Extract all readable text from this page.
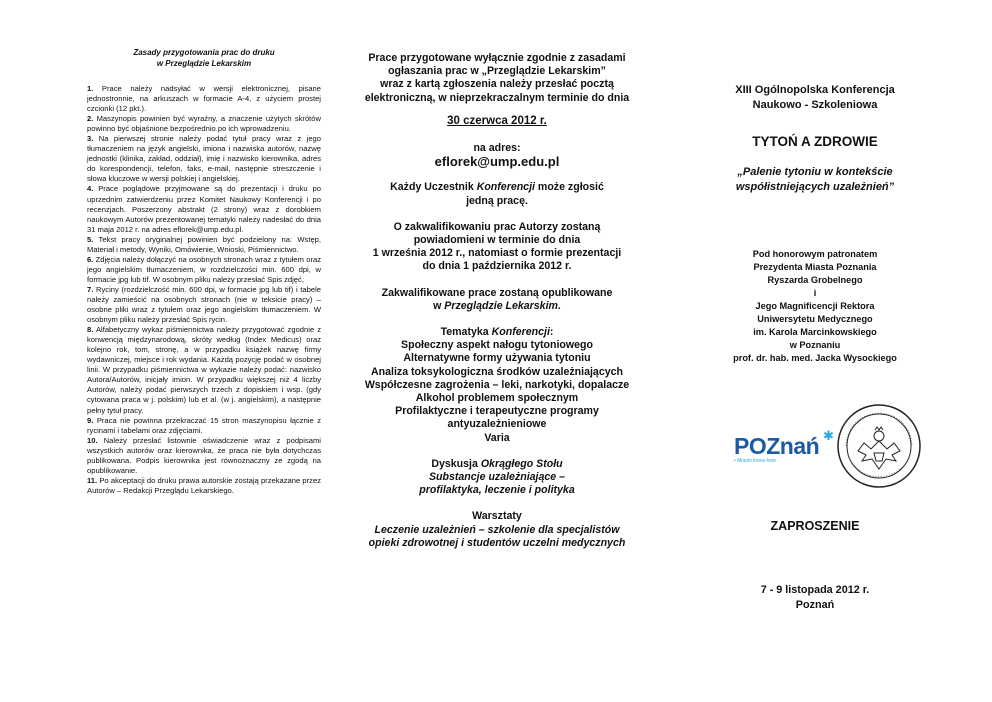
Zasady przygotowania prac do druku
w Przeglądzie Lekarskim

1. Prace należy nadsyłać w wersji elektronicznej, pisane jednostronnie, na arkuszach w formacie A-4, z użyciem prostej czcionki (12 pkt.).

2. Maszynopis powinien być wyraźny, a znaczenie użytych skrótów powinno być objaśnione bezpośrednio po ich wprowadzeniu.

3. Na pierwszej stronie należy podać tytuł pracy wraz z jego tłumaczeniem na język angielski, imiona i nazwiska autorów, nazwę jednostki (klinika, zakład, oddział), imię i nazwisko kierownika, adres do korespondencji, telefon, faks, e-mail, następnie streszczenie i słowa kluczowe w wersji polskiej i angielskiej.

4. Prace poglądowe przyjmowane są do prezentacji i druku po uprzednim zatwierdzeniu przez Komitet Naukowy Konferencji i po recenzjach. Poszerzony abstrakt (2 strony) wraz z dorobkiem naukowym Autorów prezentowanej tematyki należy nadesłać do dnia 31 maja 2012 r. na adres eflorek@ump.edu.pl.

5. Tekst pracy oryginalnej powinien być podzielony na: Wstęp, Materiał i metody, Wyniki, Omówienie, Wnioski, Piśmiennictwo.

6. Zdjęcia należy dołączyć na osobnych stronach wraz z tytułem oraz jego angielskim tłumaczeniem, w rozdzielczości min. 600 dpi, w formacie jpg lub tif. W osobnym pliku należy przesłać Spis zdjęć,

7. Ryciny (rozdzielczość min. 600 dpi, w formacie jpg lub tif) i tabele należy zamieścić na osobnych stronach (nie w teksicie pracy) – osobne pliki wraz z tytułem oraz jego angielskim tłumaczeniem. W osobnym pliku należy przesłać Spis rycin.

8. Alfabetyczny wykaz piśmiennictwa należy przygotować zgodnie z konwencją międzynarodową, skróty według (Index Medicus) oraz kolejno rok, tom, stronę, a w przypadku książek nazwę firmy wydawniczej, miejsce i rok wydania. Każdą pozycję podać w osobnej linii. W przypadku piśmiennictwa w wykazie należy podać: nazwisko Autora/Autorów, inicjały imion. W przypadku większej niż 4 liczby Autorów, należy podać pierwszych trzech z dopiskiem i wsp. (gdy cytowana praca w j. polskim) lub et al. (w j. angielskim), a następnie pełny tytuł pracy.

9. Praca nie powinna przekraczać 15 stron maszynopisu łącznie z rycinami i tabelami oraz zdjęciami.

10. Należy przesłać listownie oświadczenie wraz z podpisami wszystkich autorów oraz kierownika, że praca nie była dotychczas publikowana. Podpis kierownika jest równoznaczny ze zgodą na opublikowanie.

11. Po akceptacji do druku prawa autorskie zostają przekazane przez Autorów – Redakcji Przeglądu Lekarskiego.

Prace przygotowane wyłącznie zgodnie z zasadami
ogłaszania prac w „Przeglądzie Lekarskim”
wraz z kartą zgłoszenia należy przesłać pocztą
elektroniczną, w nieprzekraczalnym terminie do dnia
30 czerwca 2012 r.
na adres:
eflorek@ump.edu.pl
Każdy Uczestnik Konferencji może zgłosić
jedną pracę.
O zakwalifikowaniu prac Autorzy zostaną
powiadomieni w terminie do dnia
1 września 2012 r., natomiast o formie prezentacji
do dnia 1 października 2012 r.
Zakwalifikowane prace zostaną opublikowane
w Przeglądzie Lekarskim.
Tematyka Konferencji:
Społeczny aspekt nałogu tytoniowego
Alternatywne formy używania tytoniu
Analiza toksykologiczna środków uzależniających
Współczesne zagrożenia – leki, narkotyki, dopalacze
Alkohol problemem społecznym
Profilaktyczne i terapeutyczne programy
antyuzależnieniowe
Varia
Dyskusja Okrągłego Stołu
Substancje uzależniające –
profilaktyka, leczenie i polityka
Warsztaty
Leczenie uzależnień – szkolenie dla specjalistów
opieki zdrowotnej i studentów uczelni medycznych
XIII Ogólnopolska Konferencja
Naukowo - Szkoleniowa
TYTOŃ A ZDROWIE
„Palenie tytoniu w kontekście
współistniejących uzależnień”
Pod honorowym patronatem
Prezydenta Miasta Poznania
Ryszarda Grobelnego
i
Jego Magnificencji Rektora
Uniwersytetu Medycznego
im. Karola Marcinkowskiego
w Poznaniu
prof. dr. hab. med. Jacka Wysockiego
ZAPROSZENIE
7 - 9 listopada 2012 r.
Poznań
POZnań ✱
• Miasto know-how
